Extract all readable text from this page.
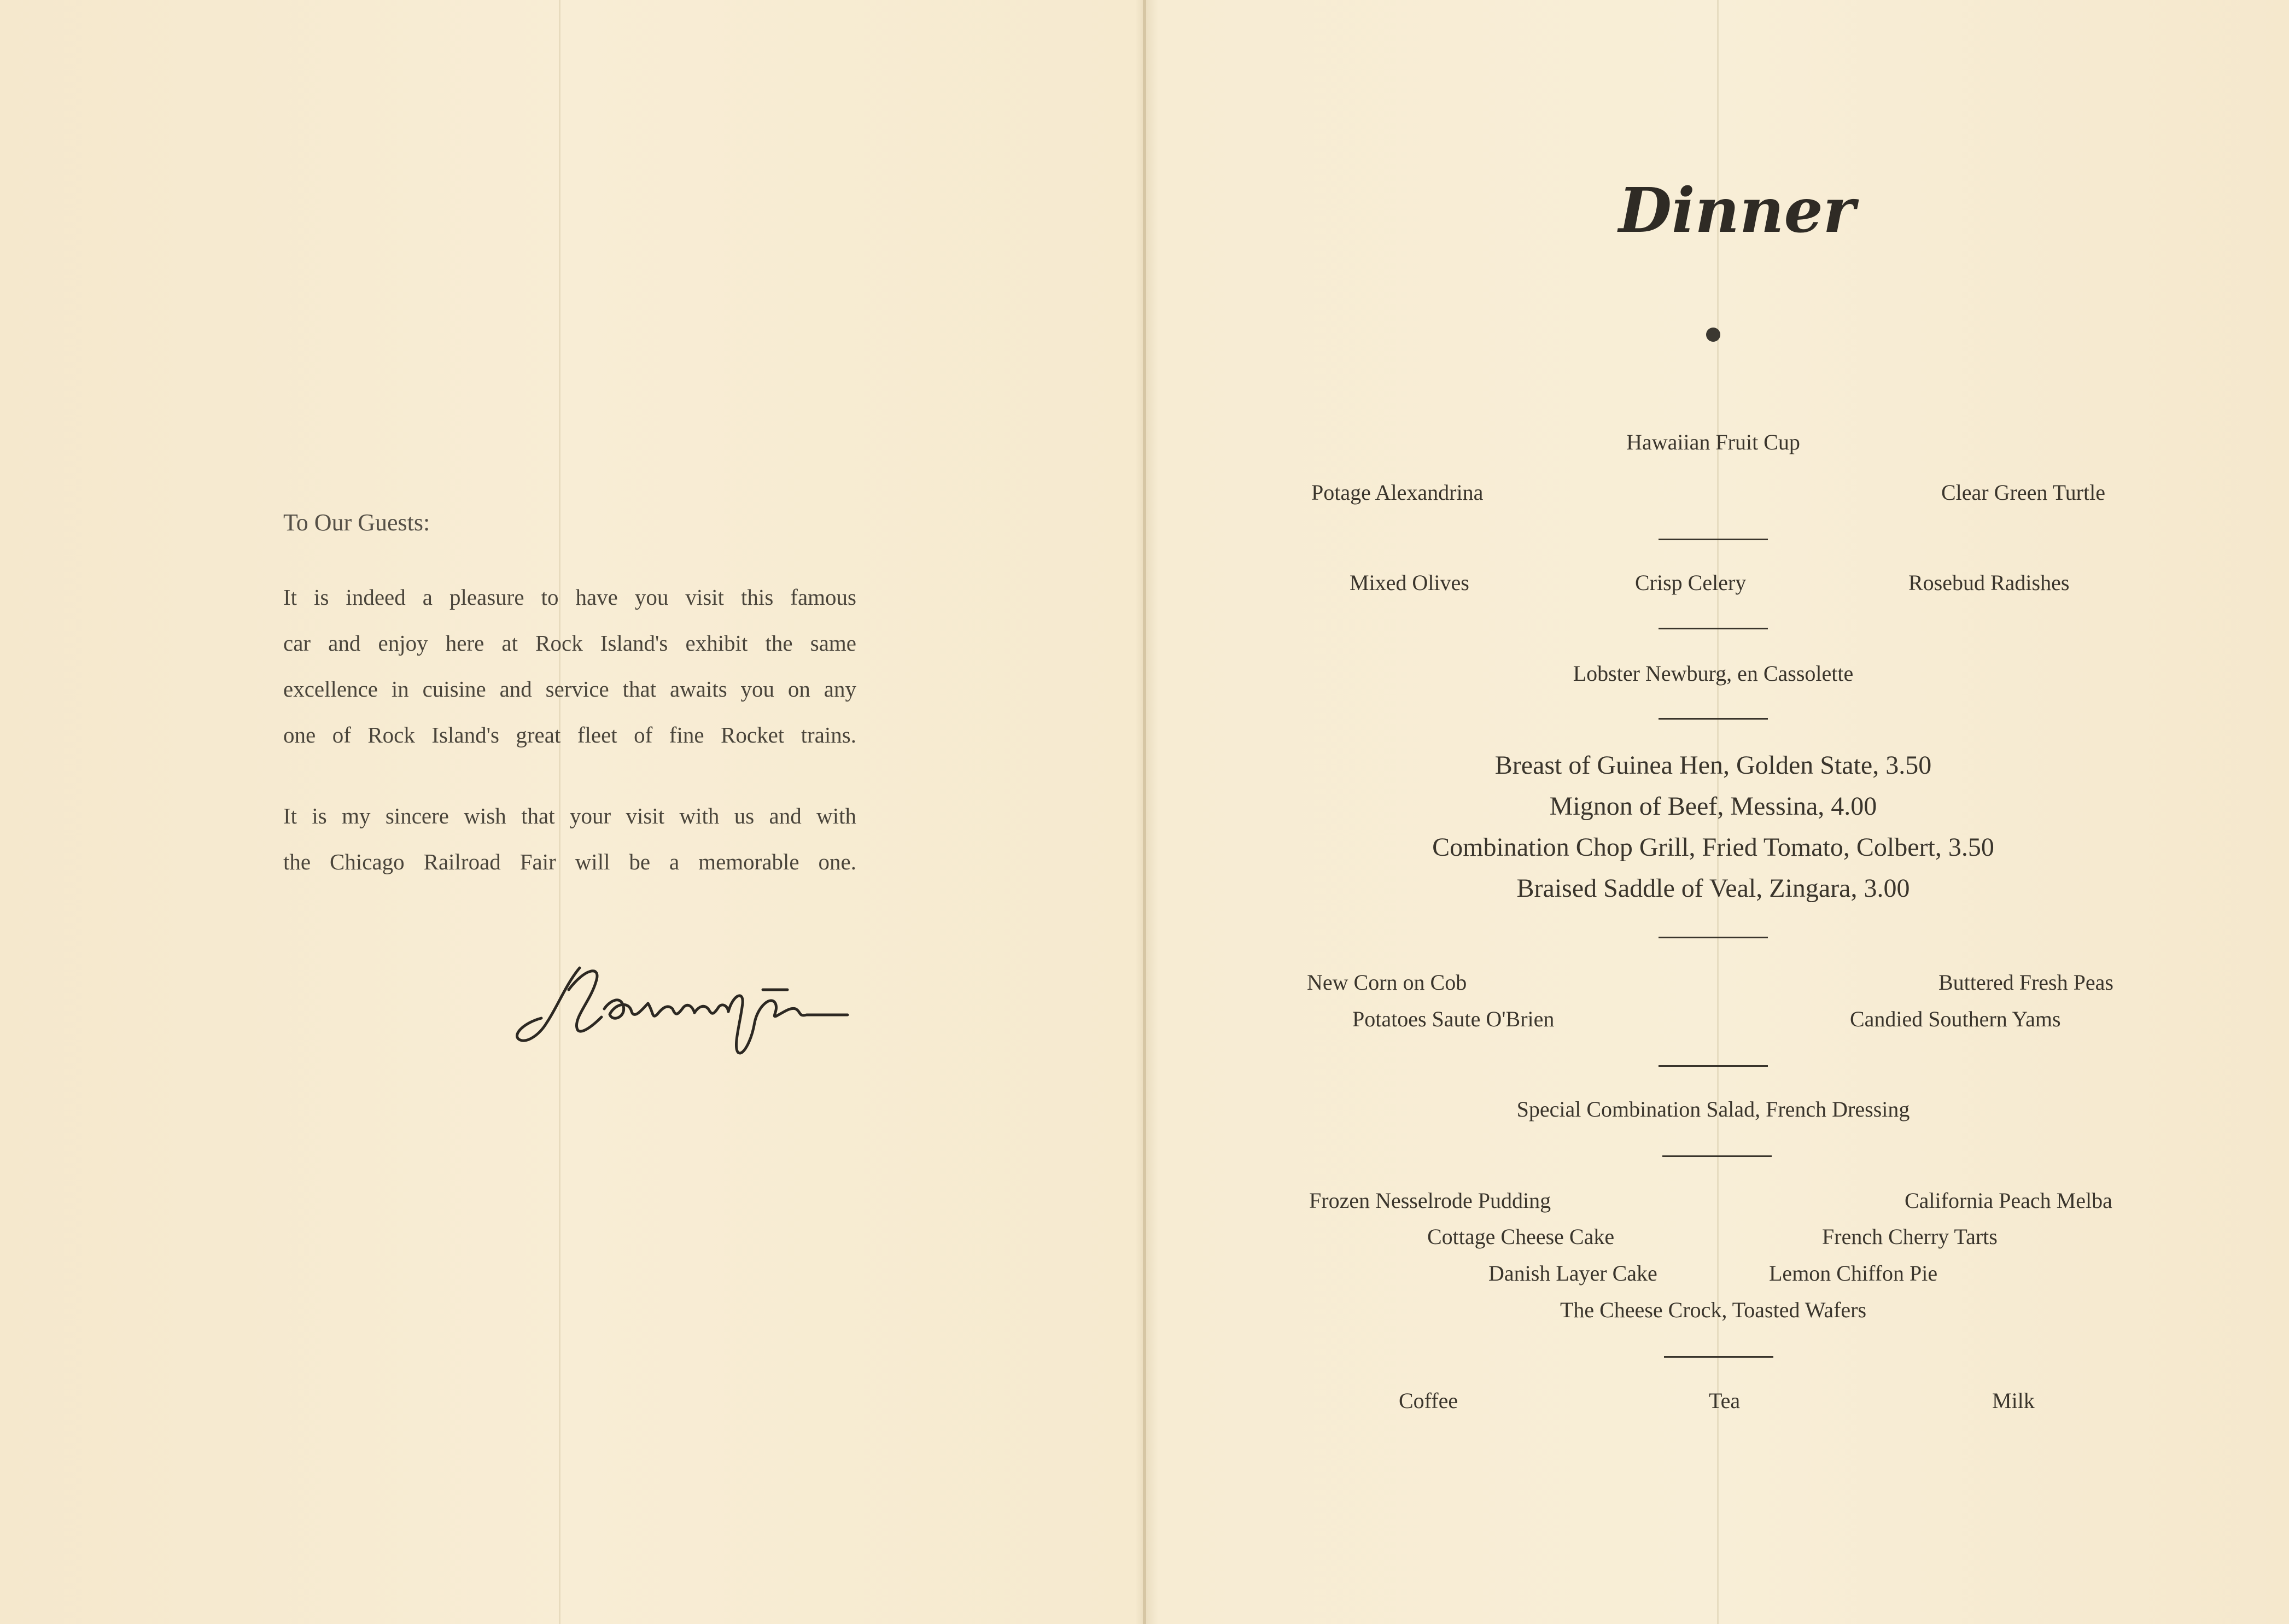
To Our Guests:
It is indeed a pleasure to have you visit this famous
car and enjoy here at Rock Island's exhibit the same
excellence in cuisine and service that awaits you on any
one of Rock Island's great fleet of fine Rocket trains.
It is my sincere wish that your visit with us and with
the Chicago Railroad Fair will be a memorable one.
Dinner
Hawaiian Fruit Cup
Potage Alexandrina	Clear Green Turtle
Mixed Olives	Crisp Celery	Rosebud Radishes
Lobster Newburg, en Cassolette
Breast of Guinea Hen, Golden State, 3.50
Mignon of Beef, Messina, 4.00
Combination Chop Grill, Fried Tomato, Colbert, 3.50
Braised Saddle of Veal, Zingara, 3.00
New Corn on Cob	Buttered Fresh Peas
Potatoes Saute O'Brien	Candied Southern Yams
Special Combination Salad, French Dressing
Frozen Nesselrode Pudding	California Peach Melba
Cottage Cheese Cake	French Cherry Tarts
Danish Layer Cake	Lemon Chiffon Pie
The Cheese Crock, Toasted Wafers
Coffee	Tea	Milk
